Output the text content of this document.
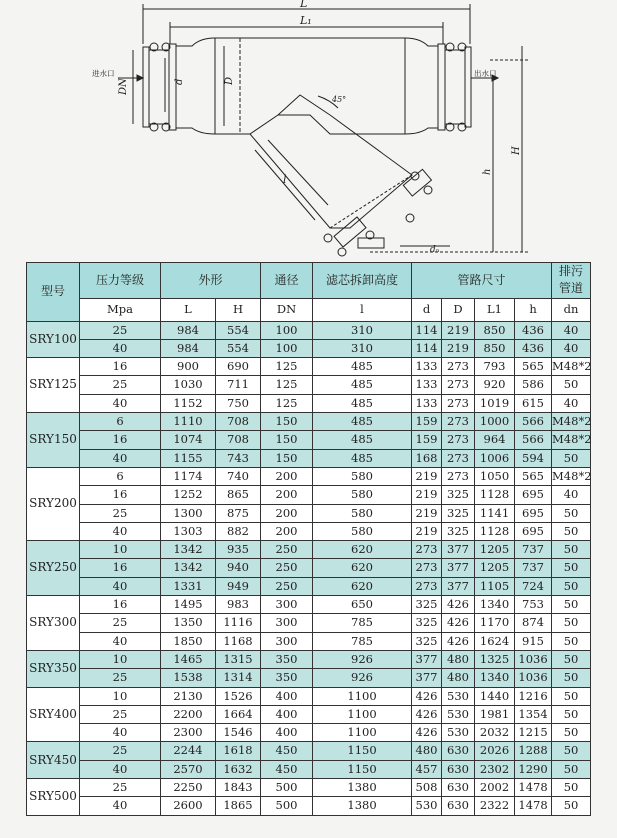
L
L₁
进水口	出水口
DN	d	D
45°
l
h
H
dₙ
型号	压力等级	外形		通径	滤芯拆卸高度	管路尺寸				排污
管道
	Mpa	L	H	DN	l	d	D	L1	h	dn
SRY100	25	984	554	100	310	114	219	850	436	40
	40	984	554	100	310	114	219	850	436	40
SRY125	16	900	690	125	485	133	273	793	565	M48*2
	25	1030	711	125	485	133	273	920	586	50
	40	1152	750	125	485	133	273	1019	615	40
SRY150	6	1110	708	150	485	159	273	1000	566	M48*2
	16	1074	708	150	485	159	273	964	566	M48*2
	40	1155	743	150	485	168	273	1006	594	50
SRY200	6	1174	740	200	580	219	273	1050	565	M48*2
	16	1252	865	200	580	219	325	1128	695	40
	25	1300	875	200	580	219	325	1141	695	50
	40	1303	882	200	580	219	325	1128	695	50
SRY250	10	1342	935	250	620	273	377	1205	737	50
	16	1342	940	250	620	273	377	1205	737	50
	40	1331	949	250	620	273	377	1105	724	50
SRY300	16	1495	983	300	650	325	426	1340	753	50
	25	1350	1116	300	785	325	426	1170	874	50
	40	1850	1168	300	785	325	426	1624	915	50
SRY350	10	1465	1315	350	926	377	480	1325	1036	50
	25	1538	1314	350	926	377	480	1340	1036	50
SRY400	10	2130	1526	400	1100	426	530	1440	1216	50
	25	2200	1664	400	1100	426	530	1981	1354	50
	40	2300	1546	400	1100	426	530	2032	1215	50
SRY450	25	2244	1618	450	1150	480	630	2026	1288	50
	40	2570	1632	450	1150	457	630	2302	1290	50
SRY500	25	2250	1843	500	1380	508	630	2002	1478	50
	40	2600	1865	500	1380	530	630	2322	1478	50
